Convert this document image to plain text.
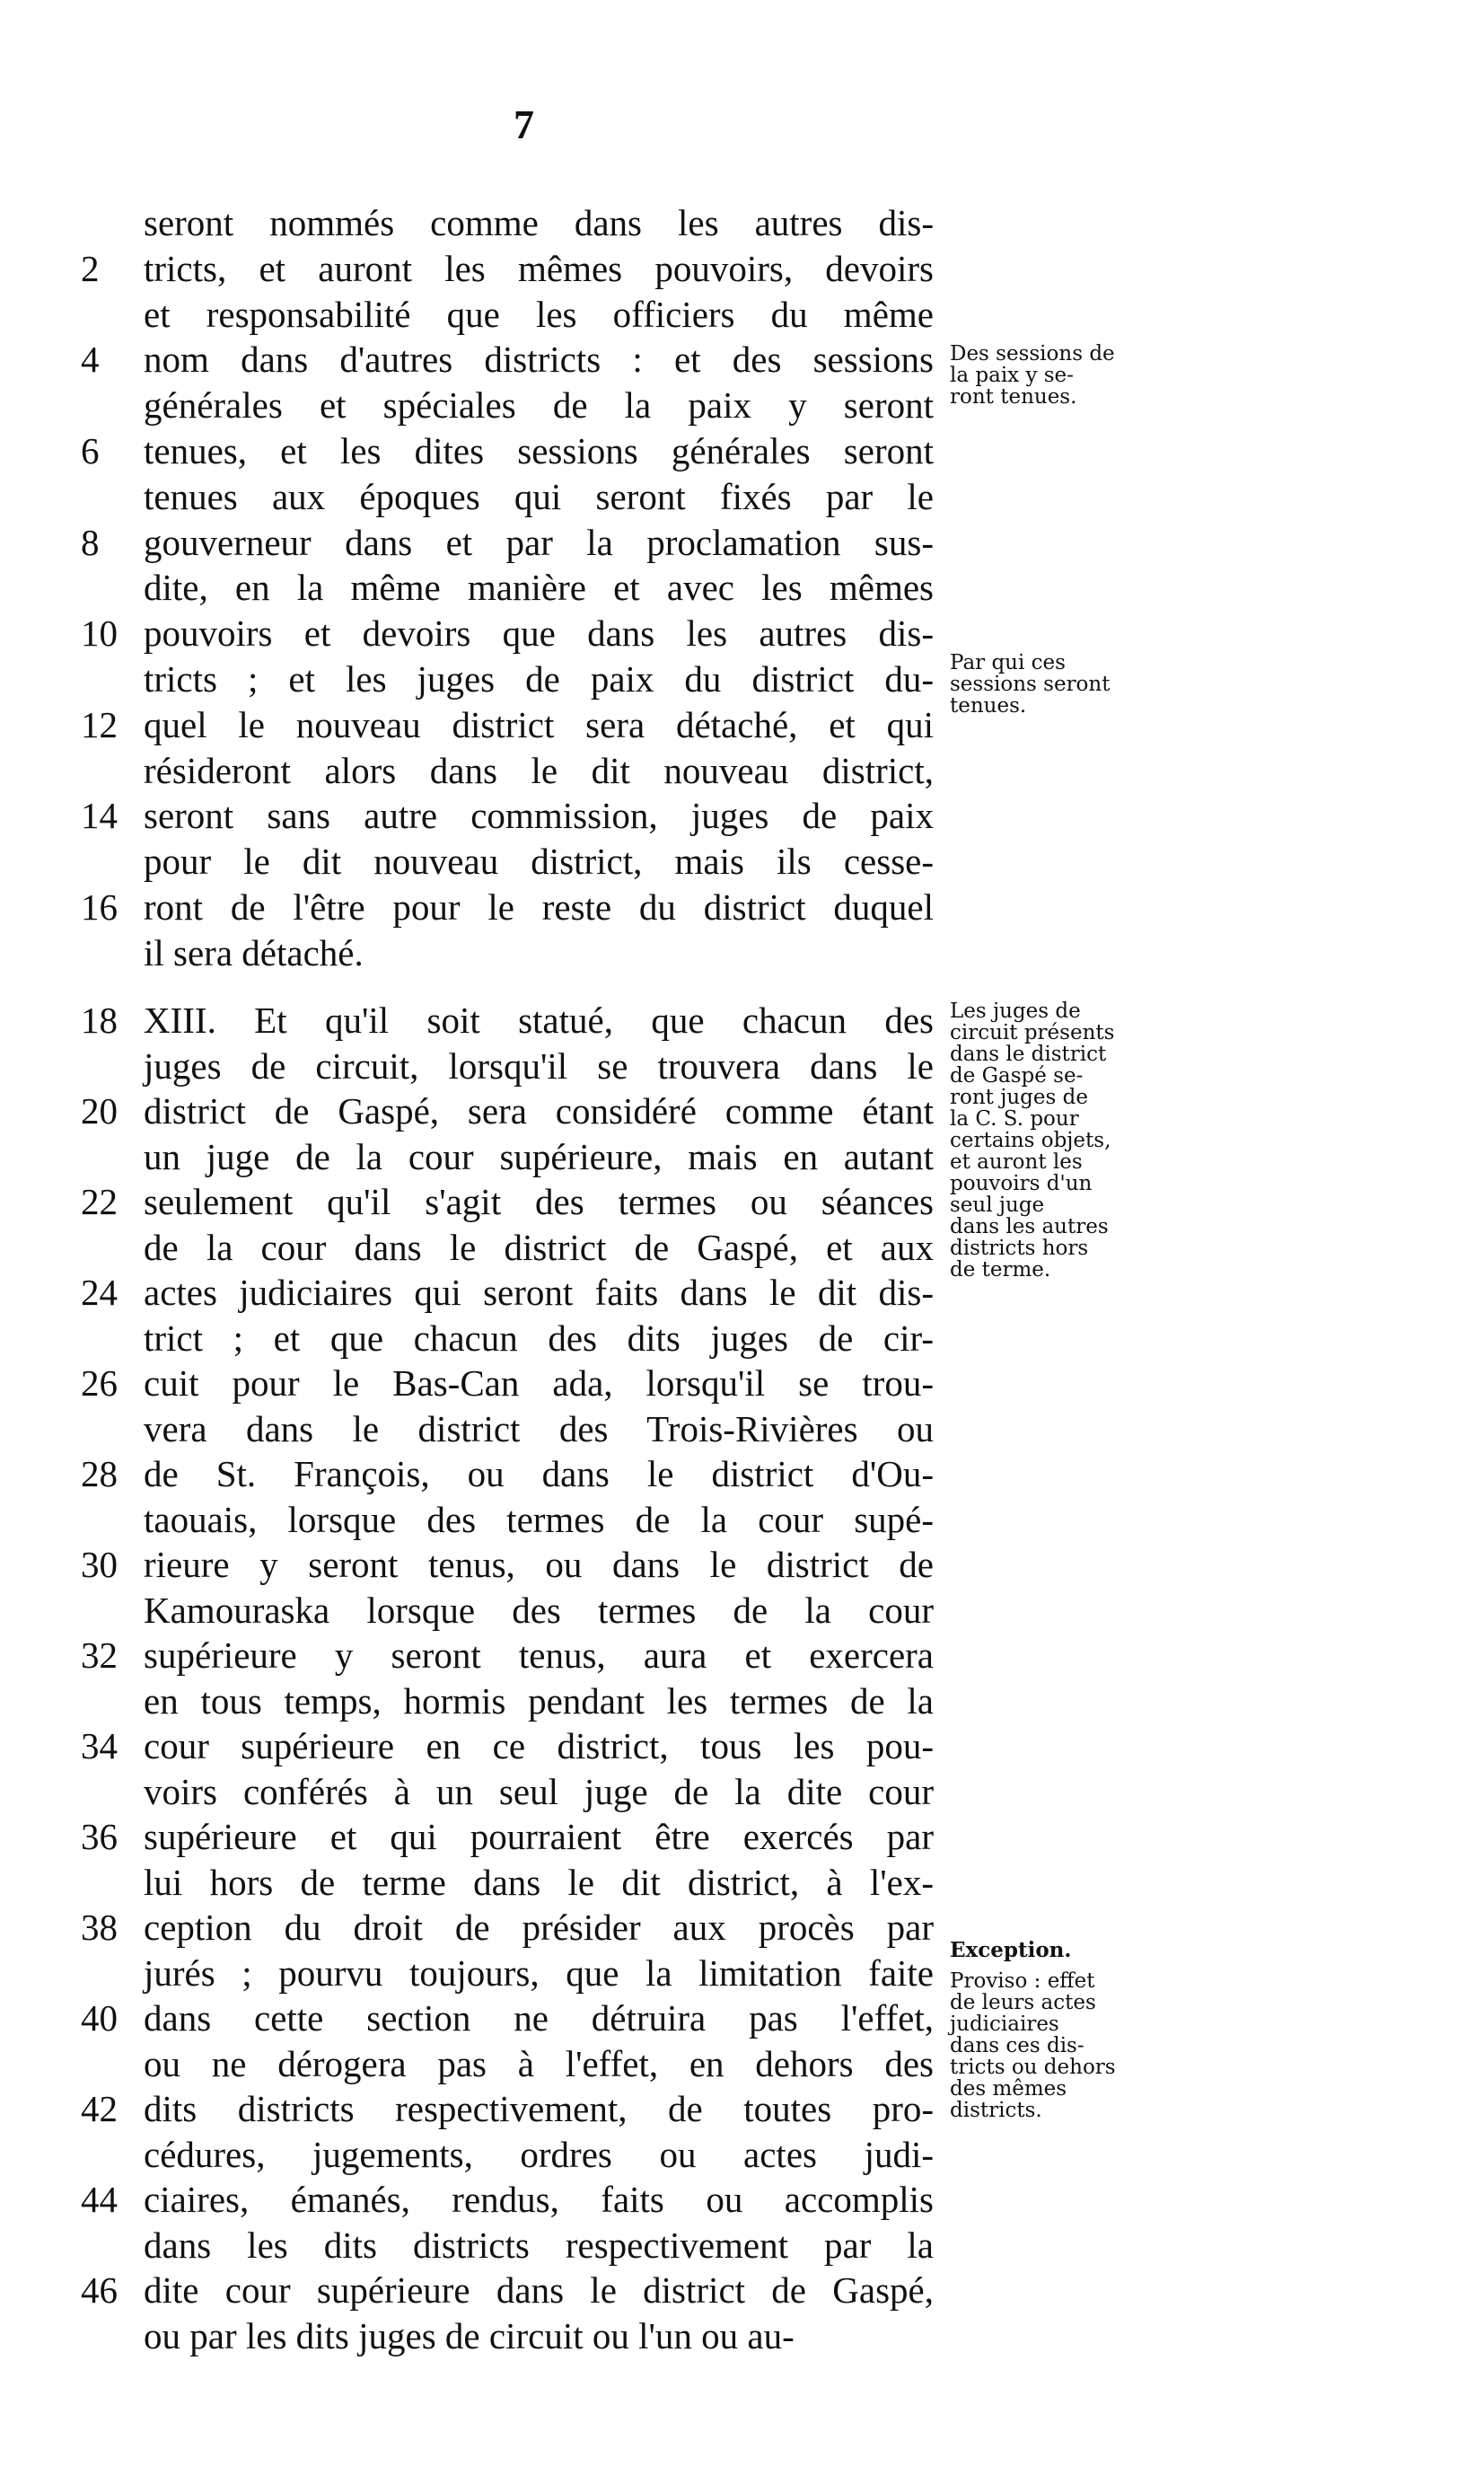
7
seront nommés comme dans les autres dis-
2	tricts, et auront les mêmes pouvoirs, devoirs
et responsabilité que les officiers du même
4	nom dans d'autres districts : et des sessions
générales et spéciales de la paix y seront
6	tenues, et les dites sessions générales seront
tenues aux époques qui seront fixés par le
8	gouverneur dans et par la proclamation sus-
dite, en la même manière et avec les mêmes
10 pouvoirs et devoirs que dans les autres dis-
tricts ; et les juges de paix du district du-
12 quel le nouveau district sera détaché, et qui
résideront alors dans le dit nouveau district,
14 seront sans autre commission, juges de paix
pour le dit nouveau district, mais ils cesse-
16 ront de l'être pour le reste du district duquel
il sera détaché.
18 XIII. Et qu'il soit statué, que chacun des
juges de circuit, lorsqu'il se trouvera dans le
20 district de Gaspé, sera considéré comme étant
un juge de la cour supérieure, mais en autant
22 seulement qu'il s'agit des termes ou séances
de la cour dans le district de Gaspé, et aux
24 actes judiciaires qui seront faits dans le dit dis-
trict ; et que chacun des dits juges de cir-
26 cuit pour le Bas-Can ada, lorsqu'il se trou-
vera dans le district des Trois-Rivières ou
28 de St. François, ou dans le district d'Ou-
taouais, lorsque des termes de la cour supé-
30 rieure y seront tenus, ou dans le district de
Kamouraska lorsque des termes de la cour
32 supérieure y seront tenus, aura et exercera
en tous temps, hormis pendant les termes de la
34 cour supérieure en ce district, tous les pou-
voirs conférés à un seul juge de la dite cour
36 supérieure et qui pourraient être exercés par
lui hors de terme dans le dit district, à l'ex-
38 ception du droit de présider aux procès par
jurés ; pourvu toujours, que la limitation faite
40 dans cette section ne détruira pas l'effet,
ou ne dérogera pas à l'effet, en dehors des
42 dits districts respectivement, de toutes pro-
cédures, jugements, ordres ou actes judi-
44 ciaires, émanés, rendus, faits ou accomplis
dans les dits districts respectivement par la
46 dite cour supérieure dans le district de Gaspé,
ou par les dits juges de circuit ou l'un ou au-
Des sessions de
la paix y se-
ront tenues.
Par qui ces
sessions seront
tenues.
Les juges de
circuit présents
dans le district
de Gaspé se-
ront juges de
la C. S. pour
certains objets,
et auront les
pouvoirs d'un
seul juge
dans les autres
districts hors
de terme.
Exception.
Proviso : effet
de leurs actes
judiciaires
dans ces dis-
tricts ou dehors
des mêmes
districts.
